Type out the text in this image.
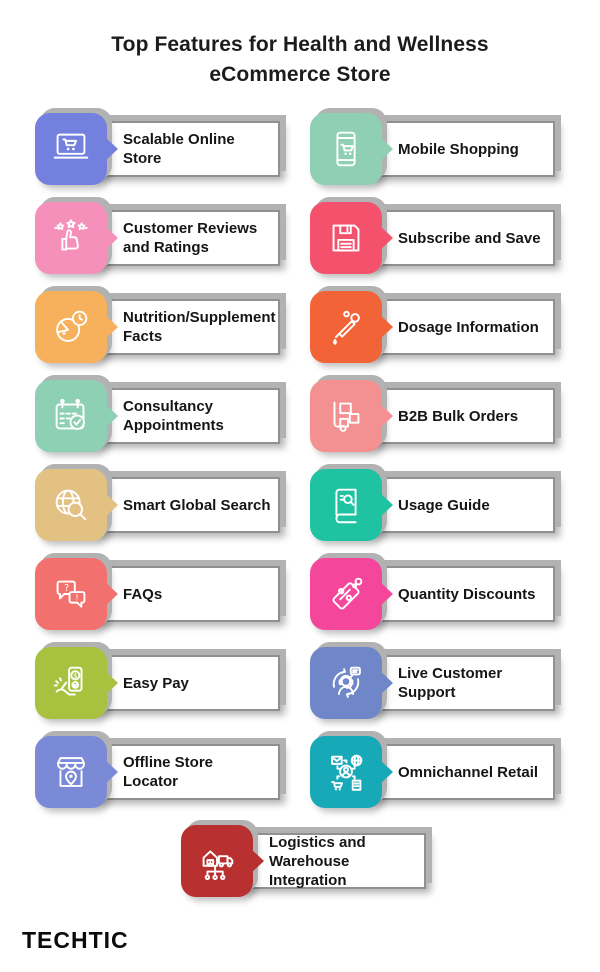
Top Features for Health and Wellness
eCommerce Store
Scalable Online Store
Mobile Shopping
Customer Reviews and Ratings
Subscribe and Save
Nutrition/Supplement Facts
Dosage Information
Consultancy Appointments
B2B Bulk Orders
Smart Global Search	Usage Guide
FAQs
?
!	Quantity Discounts
Easy Pay
$	Live Customer Support
Offline Store Locator
Omnichannel Retail
Logistics and Warehouse Integration
TECHTIC
